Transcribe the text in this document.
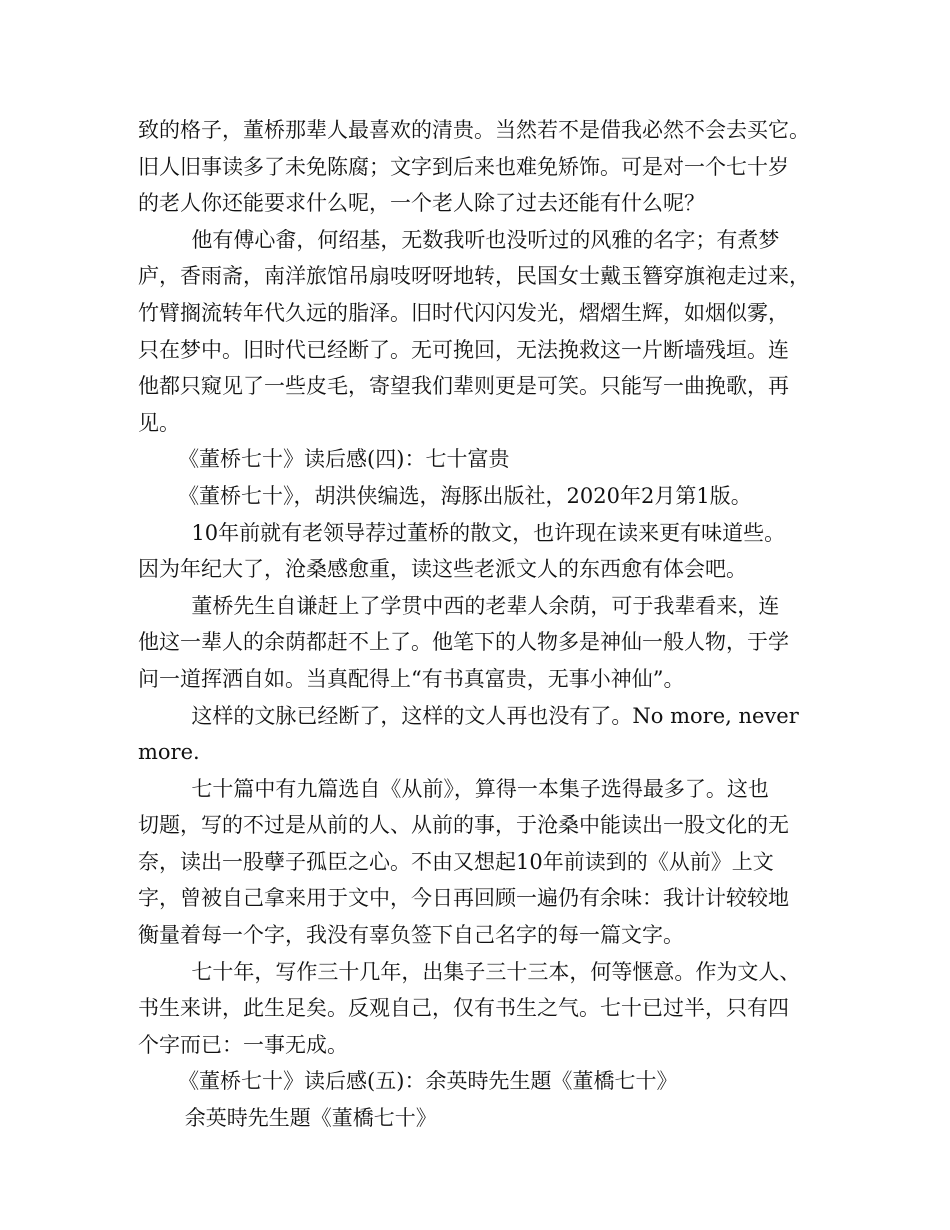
致的格子，董桥那辈人最喜欢的清贵。当然若不是借我必然不会去买它。
旧人旧事读多了未免陈腐；文字到后来也难免矫饰。可是对一个七十岁
的老人你还能要求什么呢，一个老人除了过去还能有什么呢？

他有傅心畬，何绍基，无数我听也没听过的风雅的名字；有煮梦
庐，香雨斋，南洋旅馆吊扇吱呀呀地转，民国女士戴玉簪穿旗袍走过来，
竹臂搁流转年代久远的脂泽。旧时代闪闪发光，熠熠生辉，如烟似雾，
只在梦中。旧时代已经断了。无可挽回，无法挽救这一片断墙残垣。连
他都只窥见了一些皮毛，寄望我们辈则更是可笑。只能写一曲挽歌，再
见。

《董桥七十》读后感(四)：七十富贵

《董桥七十》，胡洪侠编选，海豚出版社，2020年2月第1版。

10年前就有老领导荐过董桥的散文，也许现在读来更有味道些。
因为年纪大了，沧桑感愈重，读这些老派文人的东西愈有体会吧。

董桥先生自谦赶上了学贯中西的老辈人余荫，可于我辈看来，连
他这一辈人的余荫都赶不上了。他笔下的人物多是神仙一般人物，于学
问一道挥洒自如。当真配得上“有书真富贵，无事小神仙”。

这样的文脉已经断了，这样的文人再也没有了。No more, never
more.

七十篇中有九篇选自《从前》，算得一本集子选得最多了。这也
切题，写的不过是从前的人、从前的事，于沧桑中能读出一股文化的无
奈，读出一股孽子孤臣之心。不由又想起10年前读到的《从前》上文
字，曾被自己拿来用于文中，今日再回顾一遍仍有余味：我计计较较地
衡量着每一个字，我没有辜负签下自己名字的每一篇文字。

七十年，写作三十几年，出集子三十三本，何等惬意。作为文人、
书生来讲，此生足矣。反观自己，仅有书生之气。七十已过半，只有四
个字而已：一事无成。

《董桥七十》读后感(五)：余英時先生題《董橋七十》

余英時先生題《董橋七十》
